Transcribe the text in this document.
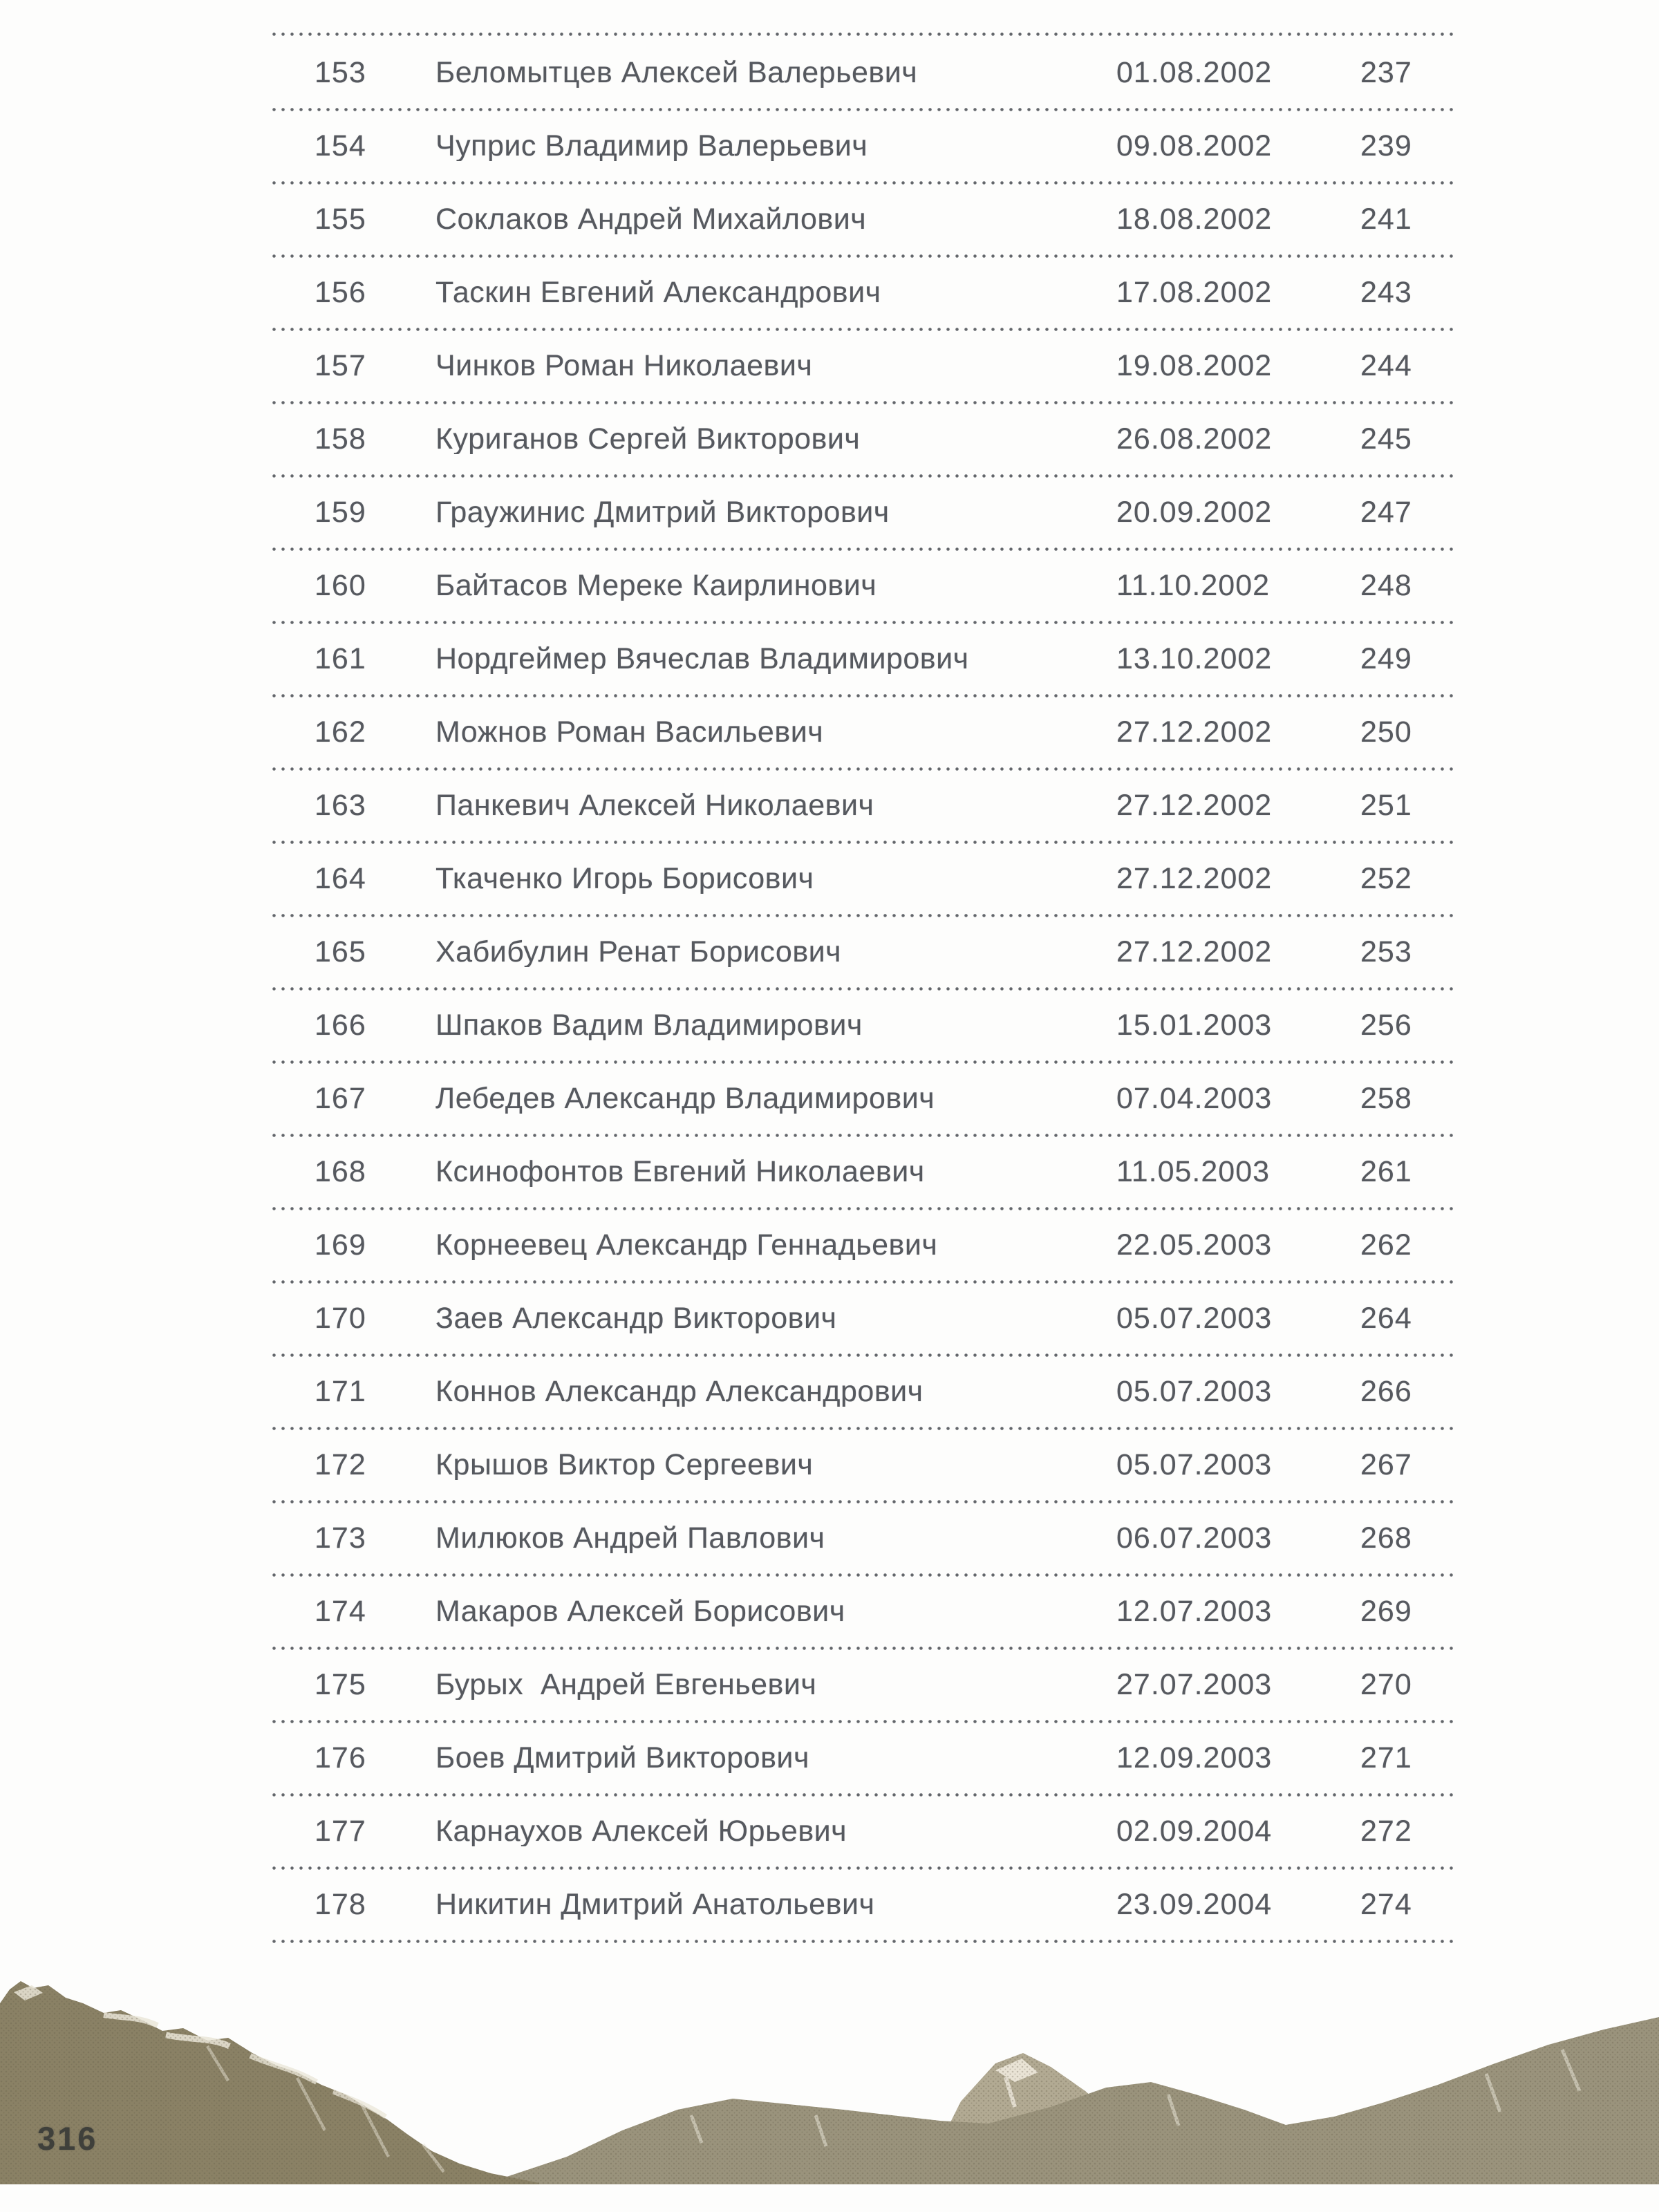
153	Беломытцев Алексей Валерьевич	01.08.2002	237
154	Чуприс Владимир Валерьевич	09.08.2002	239
155	Соклаков Андрей Михайлович	18.08.2002	241
156	Таскин Евгений Александрович	17.08.2002	243
157	Чинков Роман Николаевич	19.08.2002	244
158	Куриганов Сергей Викторович	26.08.2002	245
159	Граужинис Дмитрий Викторович	20.09.2002	247
160	Байтасов Мереке Каирлинович	11.10.2002	248
161	Нордгеймер Вячеслав Владимирович	13.10.2002	249
162	Можнов Роман Васильевич	27.12.2002	250
163	Панкевич Алексей Николаевич	27.12.2002	251
164	Ткаченко Игорь Борисович	27.12.2002	252
165	Хабибулин Ренат Борисович	27.12.2002	253
166	Шпаков Вадим Владимирович	15.01.2003	256
167	Лебедев Александр Владимирович	07.04.2003	258
168	Ксинофонтов Евгений Николаевич	11.05.2003	261
169	Корнеевец Александр Геннадьевич	22.05.2003	262
170	Заев Александр Викторович	05.07.2003	264
171	Коннов Александр Александрович	05.07.2003	266
172	Крышов Виктор Сергеевич	05.07.2003	267
173	Милюков Андрей Павлович	06.07.2003	268
174	Макаров Алексей Борисович	12.07.2003	269
175	Бурых  Андрей Евгеньевич	27.07.2003	270
176	Боев Дмитрий Викторович	12.09.2003	271
177	Карнаухов Алексей Юрьевич	02.09.2004	272
178	Никитин Дмитрий Анатольевич	23.09.2004	274
316
